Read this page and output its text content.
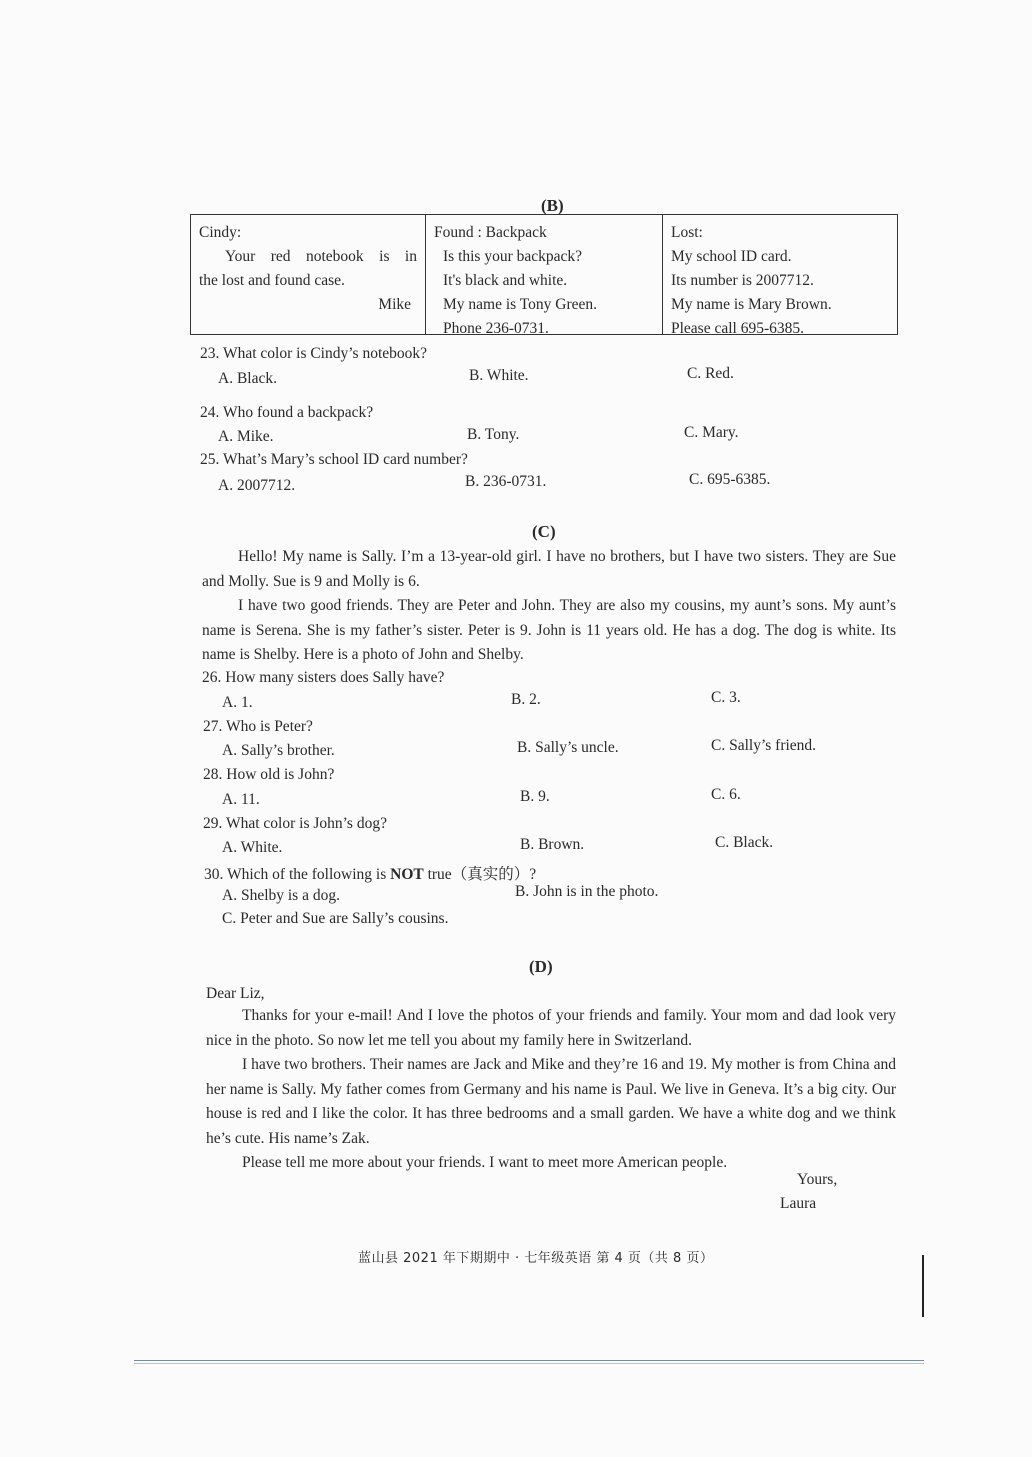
(B)
Cindy:
Your red notebook is in
the lost and found case.
Mike
Found : Backpack
Is this your backpack?
It's black and white.
My name is Tony Green.
Phone 236-0731.
Lost:
My school ID card.
Its number is 2007712.
My name is Mary Brown.
Please call 695-6385.
23. What color is Cindy’s notebook?
A. Black.	B. White.	C. Red.
24. Who found a backpack?
A. Mike.	B. Tony.	C. Mary.
25. What’s Mary’s school ID card number?
A. 2007712.	B. 236-0731.	C. 695-6385.
(C)

Hello! My name is Sally. I’m a 13-year-old girl. I have no brothers, but I have two sisters. They are Sue and Molly. Sue is 9 and Molly is 6.

I have two good friends. They are Peter and John. They are also my cousins, my aunt’s sons. My aunt’s name is Serena. She is my father’s sister. Peter is 9. John is 11 years old. He has a dog. The dog is white. Its name is Shelby. Here is a photo of John and Shelby.

26. How many sisters does Sally have?
A. 1.	B. 2.	C. 3.
27. Who is Peter?
A. Sally’s brother.	B. Sally’s uncle.	C. Sally’s friend.
28. How old is John?
A. 11.	B. 9.	C. 6.
29. What color is John’s dog?
A. White.	B. Brown.	C. Black.
30. Which of the following is NOT true（真实的）?
A. Shelby is a dog.	B. John is in the photo.
C. Peter and Sue are Sally’s cousins.
(D)
Dear Liz,

Thanks for your e-mail! And I love the photos of your friends and family. Your mom and dad look very nice in the photo. So now let me tell you about my family here in Switzerland.

I have two brothers. Their names are Jack and Mike and they’re 16 and 19. My mother is from China and her name is Sally. My father comes from Germany and his name is Paul. We live in Geneva. It’s a big city. Our house is red and I like the color. It has three bedrooms and a small garden. We have a white dog and we think he’s cute. His name’s Zak.

Please tell me more about your friends. I want to meet more American people.

Yours,
Laura
蓝山县 2021 年下期期中 · 七年级英语 第 4 页（共 8 页）
